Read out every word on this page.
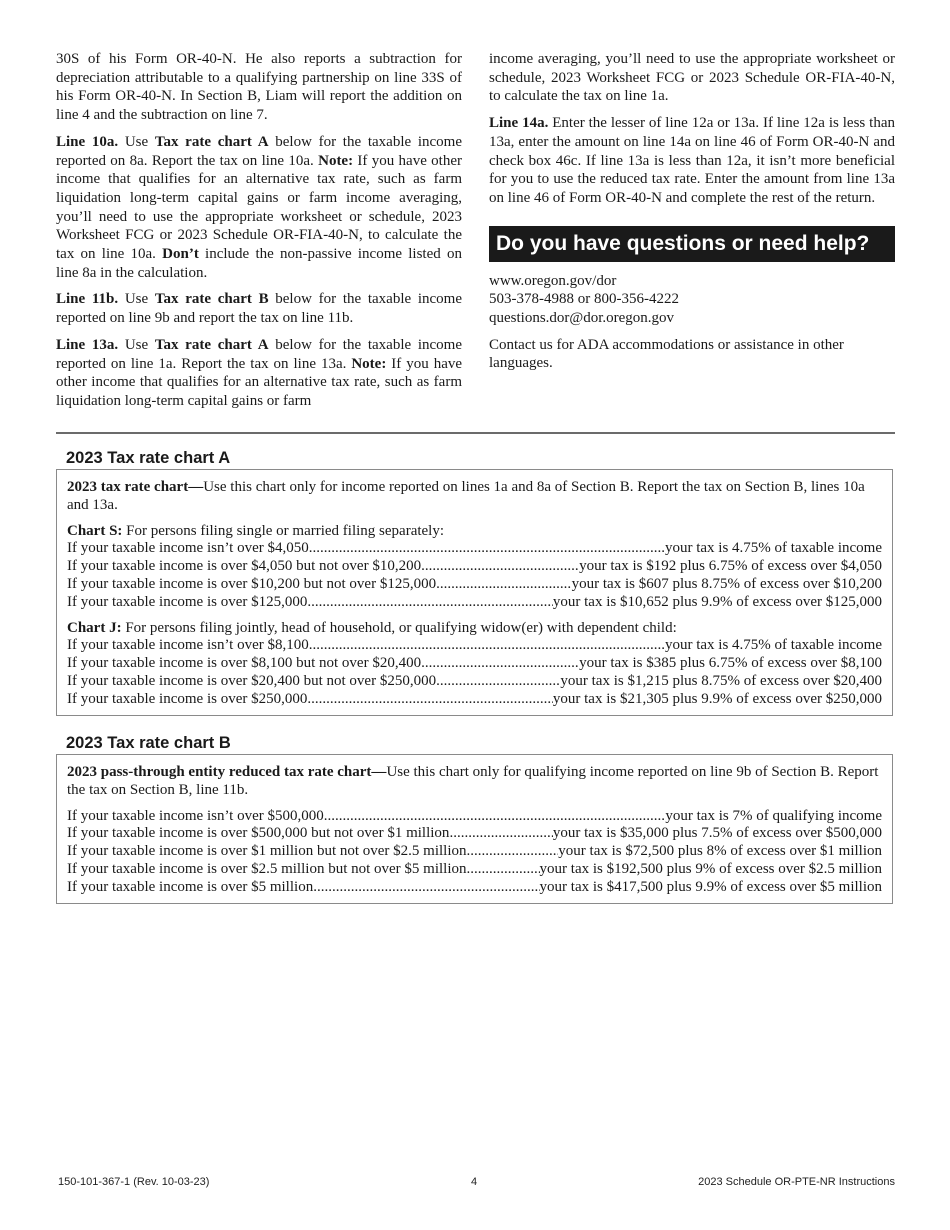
30S of his Form OR-40-N. He also reports a subtraction for depreciation attributable to a qualifying partnership on line 33S of his Form OR-40-N. In Section B, Liam will report the addition on line 4 and the subtraction on line 7.

Line 10a. Use Tax rate chart A below for the taxable income reported on 8a. Report the tax on line 10a. Note: If you have other income that qualifies for an alternative tax rate, such as farm liquidation long-term capital gains or farm income averaging, you’ll need to use the appropriate worksheet or schedule, 2023 Worksheet FCG or 2023 Schedule OR-FIA-40-N, to calculate the tax on line 10a. Don’t include the non-passive income listed on line 8a in the calculation.

Line 11b. Use Tax rate chart B below for the taxable income reported on line 9b and report the tax on line 11b.

Line 13a. Use Tax rate chart A below for the taxable income reported on line 1a. Report the tax on line 13a. Note: If you have other income that qualifies for an alternative tax rate, such as farm liquidation long-term capital gains or farm

income averaging, you’ll need to use the appropriate worksheet or schedule, 2023 Worksheet FCG or 2023 Schedule OR-FIA-40-N, to calculate the tax on line 1a.

Line 14a. Enter the lesser of line 12a or 13a. If line 12a is less than 13a, enter the amount on line 14a on line 46 of Form OR-40-N and check box 46c. If line 13a is less than 12a, it isn’t more beneficial for you to use the reduced tax rate. Enter the amount from line 13a on line 46 of Form OR-40-N and complete the rest of the return.

Do you have questions or need help?

www.oregon.gov/dor
503-378-4988 or 800-356-4222
questions.dor@dor.oregon.gov

Contact us for ADA accommodations or assistance in other languages.

2023 Tax rate chart A

2023 tax rate chart—Use this chart only for income reported on lines 1a and 8a of Section B. Report the tax on Section B, lines 10a and 13a.

Chart S: For persons filing single or married filing separately:

If your taxable income isn’t over $4,050 .....	your tax is 4.75% of taxable income
If your taxable income is over $4,050 but not over $10,200 .....	your tax is $192 plus 6.75% of excess over $4,050
If your taxable income is over $10,200 but not over $125,000 .....	your tax is $607 plus 8.75% of excess over $10,200
If your taxable income is over $125,000 .....	your tax is $10,652 plus 9.9% of excess over $125,000

Chart J: For persons filing jointly, head of household, or qualifying widow(er) with dependent child:

If your taxable income isn’t over $8,100 .....	your tax is 4.75% of taxable income
If your taxable income is over $8,100 but not over $20,400 .....	your tax is $385 plus 6.75% of excess over $8,100
If your taxable income is over $20,400 but not over $250,000 .....	your tax is $1,215 plus 8.75% of excess over $20,400
If your taxable income is over $250,000 .....	your tax is $21,305 plus 9.9% of excess over $250,000
2023 Tax rate chart B

2023 pass-through entity reduced tax rate chart—Use this chart only for qualifying income reported on line 9b of Section B. Report the tax on Section B, line 11b.

If your taxable income isn’t over $500,000 .....	your tax is 7% of qualifying income
If your taxable income is over $500,000 but not over $1 million .....	your tax is $35,000 plus 7.5% of excess over $500,000
If your taxable income is over $1 million but not over $2.5 million .....	your tax is $72,500 plus 8% of excess over $1 million
If your taxable income is over $2.5 million but not over $5 million .....	your tax is $192,500 plus 9% of excess over $2.5 million
If your taxable income is over $5 million .....	your tax is $417,500 plus 9.9% of excess over $5 million
150-101-367-1 (Rev. 10-03-23)	4	2023 Schedule OR-PTE-NR Instructions
